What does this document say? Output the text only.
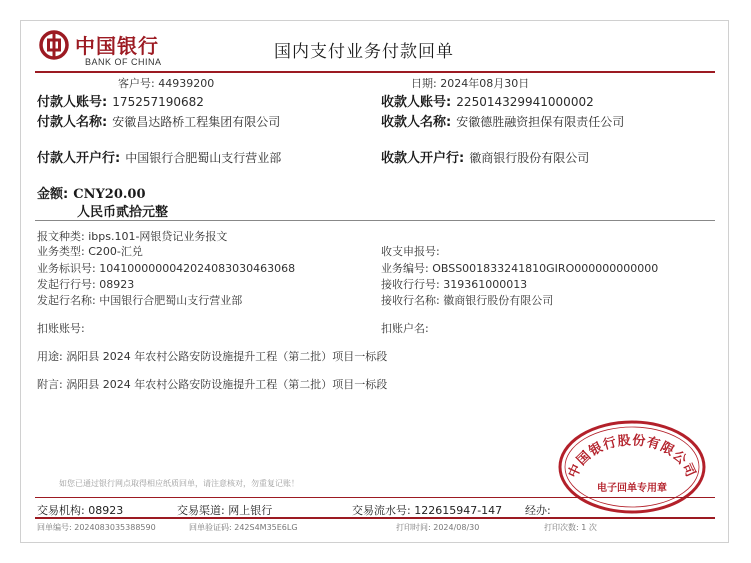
中国银行
BANK OF CHINA	国内支付业务付款回单
客户号: 44939200	日期: 2024年08月30日
付款人账号: 175257190682	收款人账号: 225014329941000002
付款人名称: 安徽昌达路桥工程集团有限公司	收款人名称: 安徽德胜融资担保有限责任公司
付款人开户行: 中国银行合肥蜀山支行营业部	收款人开户行: 徽商银行股份有限公司
金额: CNY20.00
人民币贰拾元整
报文种类: ibps.101-网银贷记业务报文
业务类型: C200-汇兑	收支申报号:
业务标识号: 104100000004202408303046306​8	业务编号: OBSS001833241810GIRO000000000000
发起行行号: 08923	接收行行号: 319361000013
发起行名称: 中国银行合肥蜀山支行营业部	接收行名称: 徽商银行股份有限公司
扣账账号:	扣账户名:
用途: 涡阳县 2024 年农村公路安防设施提升工程（第二批）项目一标段
附言: 涡阳县 2024 年农村公路安防设施提升工程（第二批）项目一标段
如您已通过银行网点取得相应纸质回单，请注意核对，勿重复记账！
中国银行股份有限公司
电子回单专用章
交易机构: 08923	交易渠道: 网上银行	交易流水号: 122615947-147 经办:
回单编号: 2024083035388590	回单验证码: 242S4M35E6LG	打印时间: 2024/08/30	打印次数: 1 次
